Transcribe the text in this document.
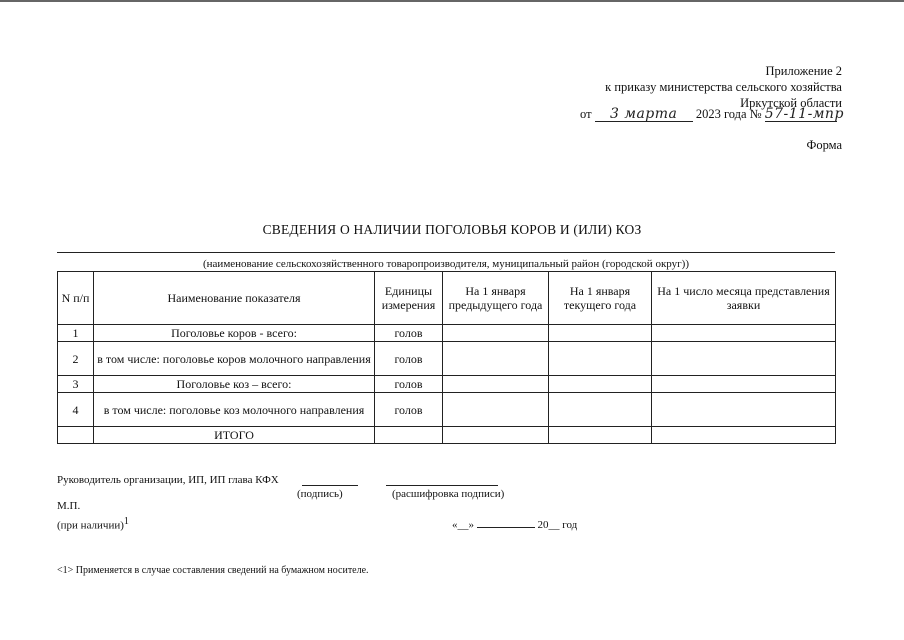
Приложение 2
к приказу министерства сельского хозяйства
Иркутской области
от 3 марта 2023 года № 57-11-мпр
Форма
СВЕДЕНИЯ О НАЛИЧИИ ПОГОЛОВЬЯ КОРОВ И (ИЛИ) КОЗ
(наименование сельскохозяйственного товаропроизводителя, муниципальный район (городской округ))
N п/п	Наименование показателя	Единицы измерения	На 1 января предыдущего года	На 1 января текущего года	На 1 число месяца представления заявки
1	Поголовье коров - всего:	голов			
2	в том числе: поголовье коров молочного направления	голов			
3	Поголовье коз – всего:	голов			
4	в том числе: поголовье коз молочного направления	голов			
	ИТОГО				
Руководитель организации, ИП, ИП глава КФХ
(подпись)	(расшифровка подписи)
М.П.
(при наличии)$^1$	«__»	20__ год
<1> Применяется в случае составления сведений на бумажном носителе.
